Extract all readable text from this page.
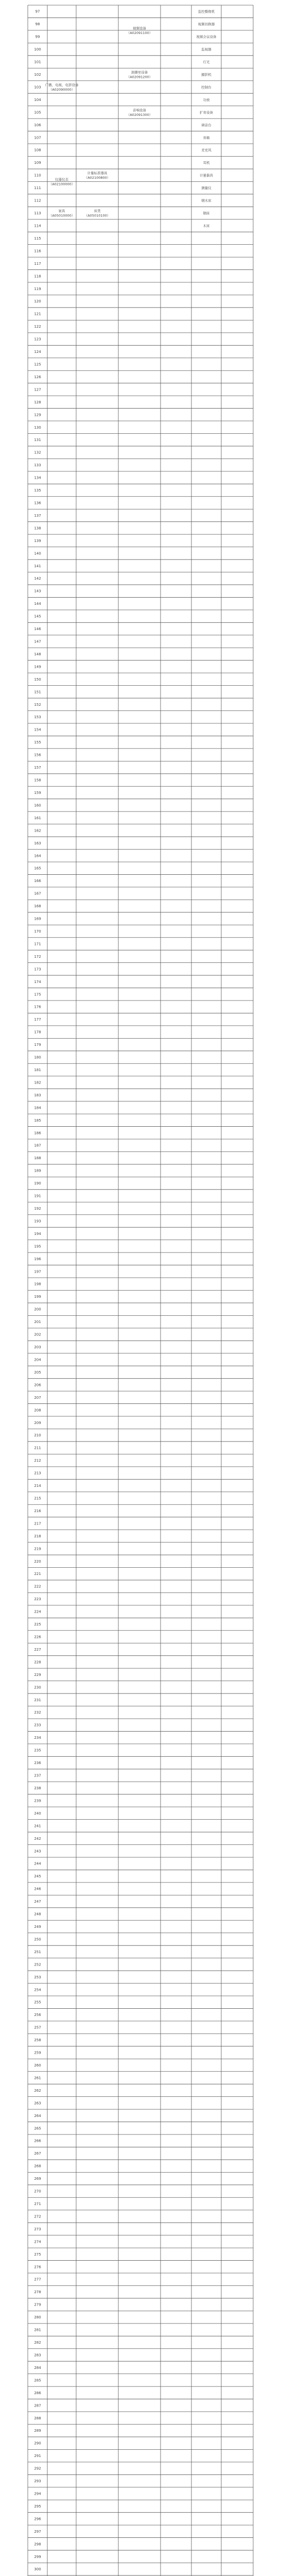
97
98
99
100
101
102
103
104
105
106
107
108
109
110
111
112
113
114
115
116
117
118
119
120
121
122
123
124
125
126
127
128
129
130
131
132
133
134
135
136
137
138
139
140
141
142
143
144
145
146
147
148
149
150
151
152
153
154
155
156
157
158
159
160
161
162
163
164
165
166
167
168
169
170
171
172
173
174
175
176
177
178
179
180
181
182
183
184
185
186
187
188
189
190
191
192
193
194
195
196
197
198
199
200
201
202
203
204
205
206
207
208
209
210
211
212
213
214
215
216
217
218
219
220
221
222
223
224
225
226
227
228
229
230
231
232
233
234
235
236
237
238
239
240
241
242
243
244
245
246
247
248
249
250
251
252
253
254
255
256
257
258
259
260
261
262
263
264
265
266
267
268
269
270
271
272
273
274
275
276
277
278
279
280
281
282
283
284
285
286
287
288
289
290
291
292
293
294
295
296
297
298
299
300
广播、电视、电影设备（A02090000）
视频设备（A02091100）
监控摄像机
视频切换器
视频会议设备
监视器
演播室设备（A02091200）
灯光
摄影机
控制台
音响设备（A02091300）
功放
扩音设备
调音台
音箱
麦克风
耳机
仪器仪表（A02100000）
计量标准器具（A02100800）
计量器具
测量仪
家具（A05010000）
床类（A05010100）
钢木床
钢床
木床
